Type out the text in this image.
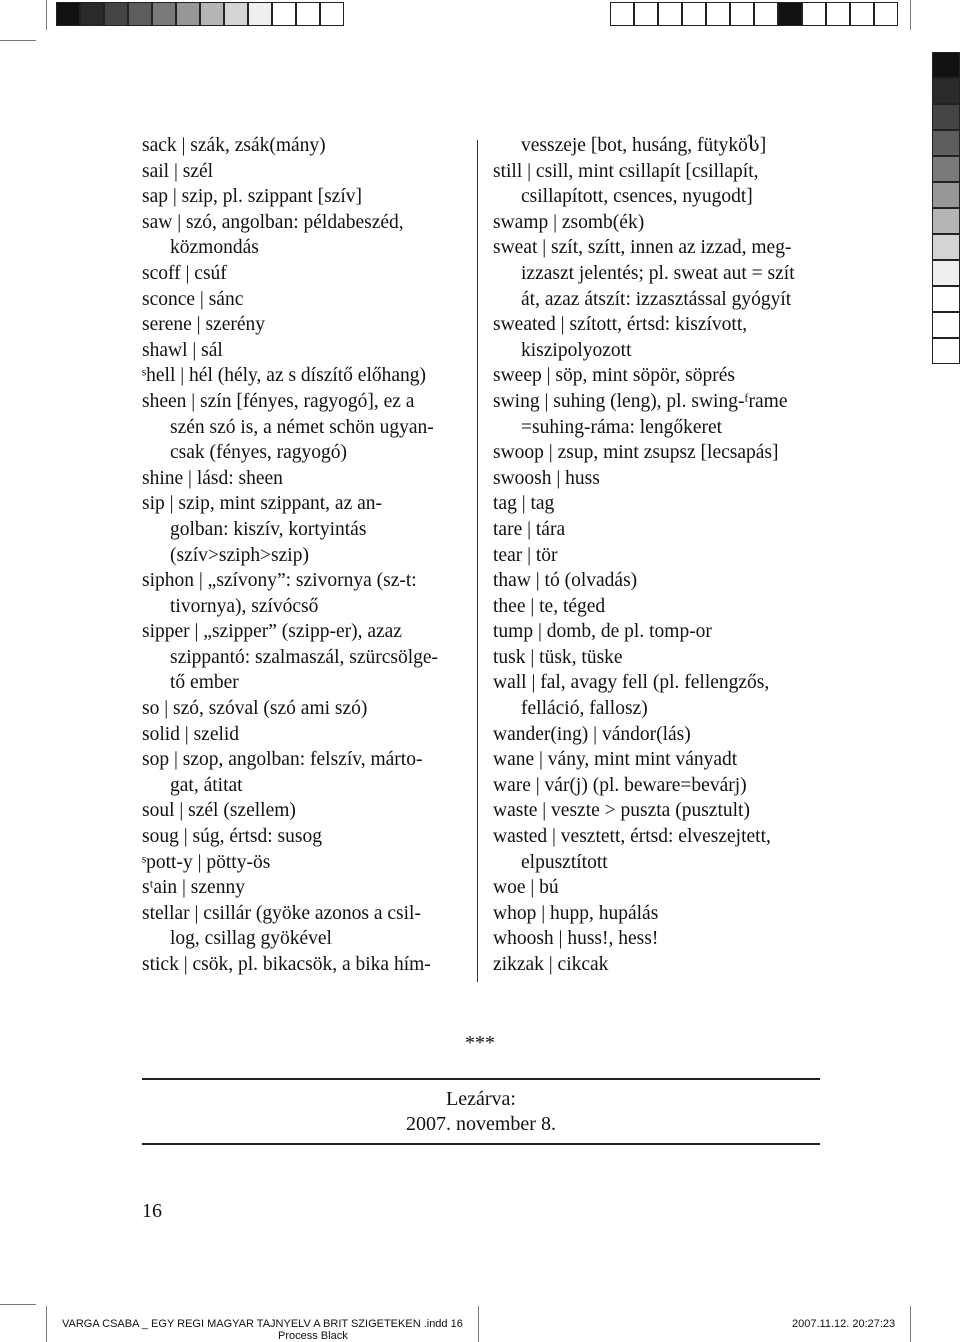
sack | szák, zsák(mány)
sail | szél
sap | szip, pl. szippant [szív]
saw | szó, angolban: példabeszéd,
közmondás
scoff | csúf
sconce | sánc
serene | szerény
shawl | sál
ˢhell | hél (hély, az s díszítő előhang)
sheen | szín [fényes, ragyogó], ez a
szén szó is, a német schön ugyan-
csak (fényes, ragyogó)
shine | lásd: sheen
sip | szip, mint szippant, az an-
golban: kiszív, kortyintás
(szív>sziph>szip)
siphon | „szívony”: szivornya (sz-t:
tivornya), szívócső
sipper | „szipper” (szipp-er), azaz
szippantó: szalmaszál, szürcsölge-
tő ember
so | szó, szóval (szó ami szó)
solid | szelid
sop | szop, angolban: felszív, márto-
gat, átitat
soul | szél (szellem)
soug | súg, értsd: susog
ˢpott-y | pötty-ös
sᵗain | szenny
stellar | csillár (gyöke azonos a csil-
log, csillag gyökével
stick | csök, pl. bikacsök, a bika hím-
vesszeje [bot, husáng, fütyköს]
still | csill, mint csillapít [csillapít,
csillapított, csences, nyugodt]
swamp | zsomb(ék)
sweat | szít, szítt, innen az izzad, meg-
izzaszt jelentés; pl. sweat aut = szít
át, azaz átszít: izzasztással gyógyít
sweated | szított, értsd: kiszívott,
kiszipolyozott
sweep | söp, mint söpör, söprés
swing | suhing (leng), pl. swing-ᶠrame
=suhing-ráma: lengőkeret
swoop | zsup, mint zsupsz [lecsapás]
swoosh | huss
tag | tag
tare | tára
tear | tör
thaw | tó (olvadás)
thee | te, téged
tump | domb, de pl. tomp-or
tusk | tüsk, tüske
wall | fal, avagy fell (pl. fellengzős,
felláció, fallosz)
wander(ing) | vándor(lás)
wane | vány, mint mint ványadt
ware | vár(j) (pl. beware=bevárj)
waste | veszte > puszta (pusztult)
wasted | vesztett, értsd: elveszejtett,
elpusztított
woe | bú
whop | hupp, hupálás
whoosh | huss!, hess!
zikzak | cikcak
***
Lezárva:
2007. november 8.
16
VARGA CSABA _ EGY REGI MAGYAR TAJNYELV A BRIT SZIGETEKEN .indd 16	2007.11.12. 20:27:23
Process Black
